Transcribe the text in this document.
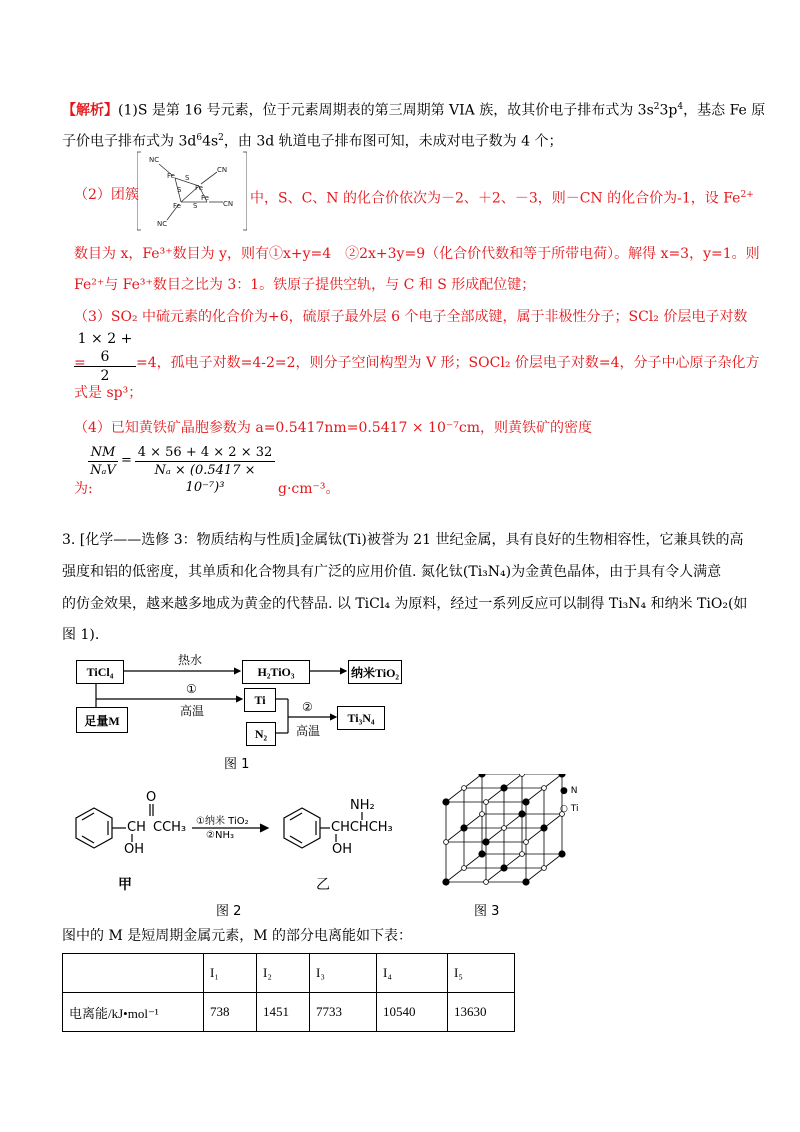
【解析】(1)S 是第 16 号元素，位于元素周期表的第三周期第 VIA 族，故其价电子排布式为 $3s^23p^4$，基态 Fe 原
子价电子排布式为 $3d^64s^2$，由 3d 轨道电子排布图可知，未成对电子数为 4 个；
（2）团簇
NC
Fe S
S Fe
CN
Fe S
Fe
CN
NC
中，S、C、N 的化合价依次为－2、＋2、－3，则－CN 的化合价为-1，设 $Fe^{2+}$
数目为 x，Fe³⁺数目为 y，则有①x+y=4　②2x+3y=9（化合价代数和等于所带电荷）。解得 x=3，y=1。则
Fe²⁺与 Fe³⁺数目之比为 3：1。铁原子提供空轨，与 C 和 S 形成配位键；
（3）SO₂ 中硫元素的化合价为+6，硫原子最外层 6 个电子全部成键，属于非极性分子；SCl₂ 价层电子对数
1 × 2 + 6
2
=	=4，孤电子对数=4-2=2，则分子空间构型为 V 形；SOCl₂ 价层电子对数=4，分子中心原子杂化方
式是 sp³；
（4）已知黄铁矿晶胞参数为 a=0.5417nm=0.5417 × 10⁻⁷cm，则黄铁矿的密度
NM
NₐV
=
4 × 56 + 4 × 2 × 32
Nₐ × (0.5417 × 10⁻⁷)³
为:	g·cm⁻³。
3. [化学——选修 3：物质结构与性质]金属钛(Ti)被誉为 21 世纪金属，具有良好的生物相容性，它兼具铁的高
强度和铝的低密度，其单质和化合物具有广泛的应用价值. 氮化钛(Ti₃N₄)为金黄色晶体，由于具有令人满意
的仿金效果，越来越多地成为黄金的代替品. 以 TiCl₄ 为原料，经过一系列反应可以制得 Ti₃N₄ 和纳米 TiO₂(如
图 1).
TiCl₄	H₂TiO₃	纳米TiO₂
Ti
足量M
N₂
Ti₃N₄
热水
①
高温	②
高温
图 1
O
CH CCH₃
OH
①纳米 TiO₂
②NH₃
NH₂
CHCHCH₃
OH
甲	乙
图 2
● N
○ Ti
图 3
图中的 M 是短周期金属元素，M 的部分电离能如下表：
	I₁	I₂	I₃	I₄	I₅
电离能/kJ•mol⁻¹	738	1451	7733	10540	13630
